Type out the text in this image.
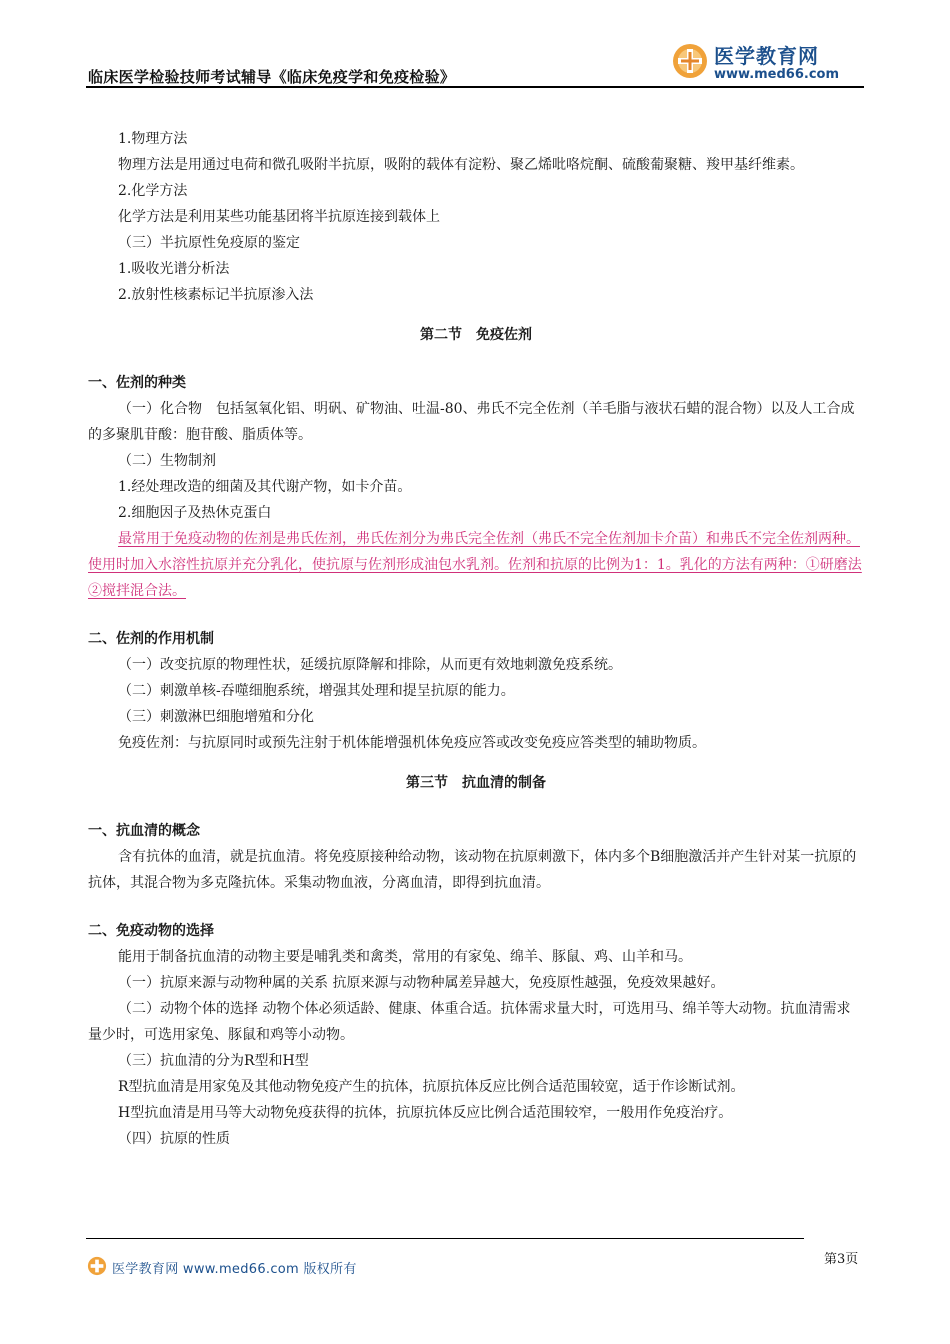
临床医学检验技师考试辅导《临床免疫学和免疫检验》
医学教育网
www.med66.com

1.物理方法

物理方法是用通过电荷和微孔吸附半抗原，吸附的载体有淀粉、聚乙烯吡咯烷酮、硫酸葡聚糖、羧甲基纤维素。

2.化学方法

化学方法是利用某些功能基团将半抗原连接到载体上

（三）半抗原性免疫原的鉴定

1.吸收光谱分析法

2.放射性核素标记半抗原渗入法

第二节　免疫佐剂

一、佐剂的种类

（一）化合物　包括氢氧化铝、明矾、矿物油、吐温-80、弗氏不完全佐剂（羊毛脂与液状石蜡的混合物）以及人工合成的多聚肌苷酸：胞苷酸、脂质体等。

（二）生物制剂

1.经处理改造的细菌及其代谢产物，如卡介苗。

2.细胞因子及热休克蛋白

最常用于免疫动物的佐剂是弗氏佐剂，弗氏佐剂分为弗氏完全佐剂（弗氏不完全佐剂加卡介苗）和弗氏不完全佐剂两种。使用时加入水溶性抗原并充分乳化，使抗原与佐剂形成油包水乳剂。佐剂和抗原的比例为1：1。乳化的方法有两种：①研磨法 ②搅拌混合法。

二、佐剂的作用机制

（一）改变抗原的物理性状，延缓抗原降解和排除，从而更有效地刺激免疫系统。

（二）刺激单核-吞噬细胞系统，增强其处理和提呈抗原的能力。

（三）刺激淋巴细胞增殖和分化

免疫佐剂：与抗原同时或预先注射于机体能增强机体免疫应答或改变免疫应答类型的辅助物质。

第三节　抗血清的制备

一、抗血清的概念

含有抗体的血清，就是抗血清。将免疫原接种给动物，该动物在抗原刺激下，体内多个B细胞激活并产生针对某一抗原的抗体，其混合物为多克隆抗体。采集动物血液，分离血清，即得到抗血清。

二、免疫动物的选择

能用于制备抗血清的动物主要是哺乳类和禽类，常用的有家兔、绵羊、豚鼠、鸡、山羊和马。

（一）抗原来源与动物种属的关系 抗原来源与动物种属差异越大，免疫原性越强，免疫效果越好。

（二）动物个体的选择 动物个体必须适龄、健康、体重合适。抗体需求量大时，可选用马、绵羊等大动物。抗血清需求量少时，可选用家兔、豚鼠和鸡等小动物。

（三）抗血清的分为R型和H型

R型抗血清是用家兔及其他动物免疫产生的抗体，抗原抗体反应比例合适范围较宽，适于作诊断试剂。

H型抗血清是用马等大动物免疫获得的抗体，抗原抗体反应比例合适范围较窄，一般用作免疫治疗。

（四）抗原的性质

第3页
医学教育网 www.med66.com 版权所有
